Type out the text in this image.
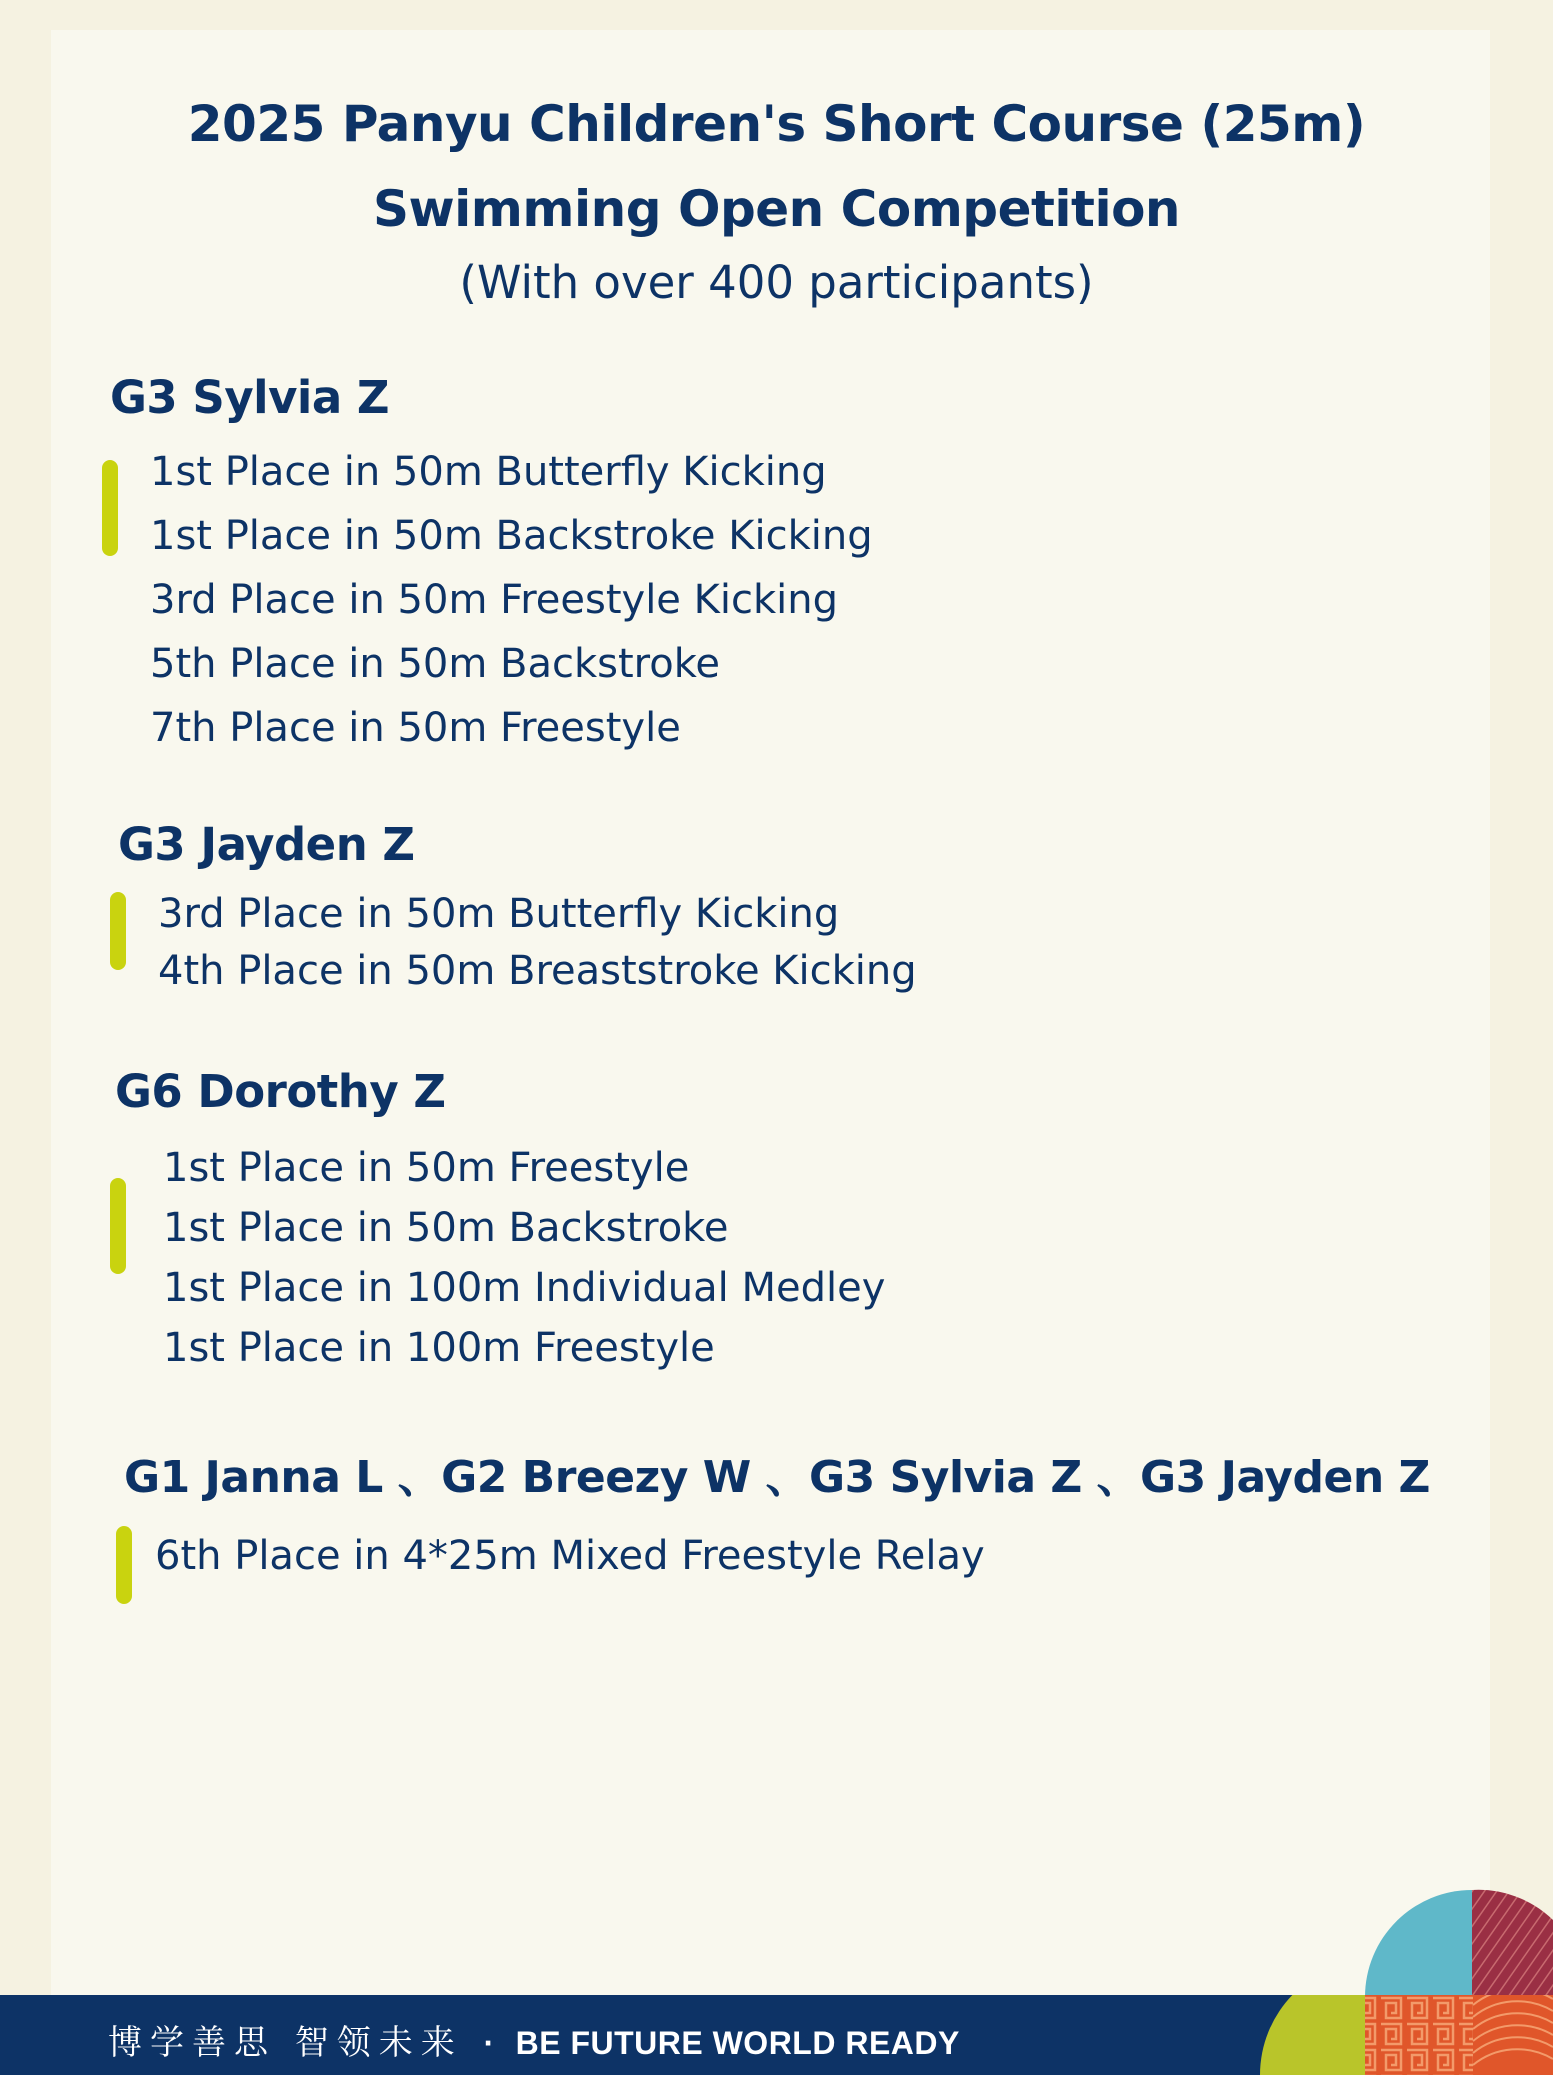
2025 Panyu Children's Short Course (25m)
Swimming Open Competition
(With over 400 participants)
G3 Sylvia Z
1st Place in 50m Butterfly Kicking
1st Place in 50m Backstroke Kicking
3rd Place in 50m Freestyle Kicking
5th Place in 50m Backstroke
7th Place in 50m Freestyle
G3 Jayden Z
3rd Place in 50m Butterfly Kicking
4th Place in 50m Breaststroke Kicking
G6 Dorothy Z
1st Place in 50m Freestyle
1st Place in 50m Backstroke
1st Place in 100m Individual Medley
1st Place in 100m Freestyle
G1 Janna L 、G2 Breezy W 、G3 Sylvia Z 、G3 Jayden Z
6th Place in 4*25m Mixed Freestyle Relay
博学善思 智领未来 · BE FUTURE WORLD READY
